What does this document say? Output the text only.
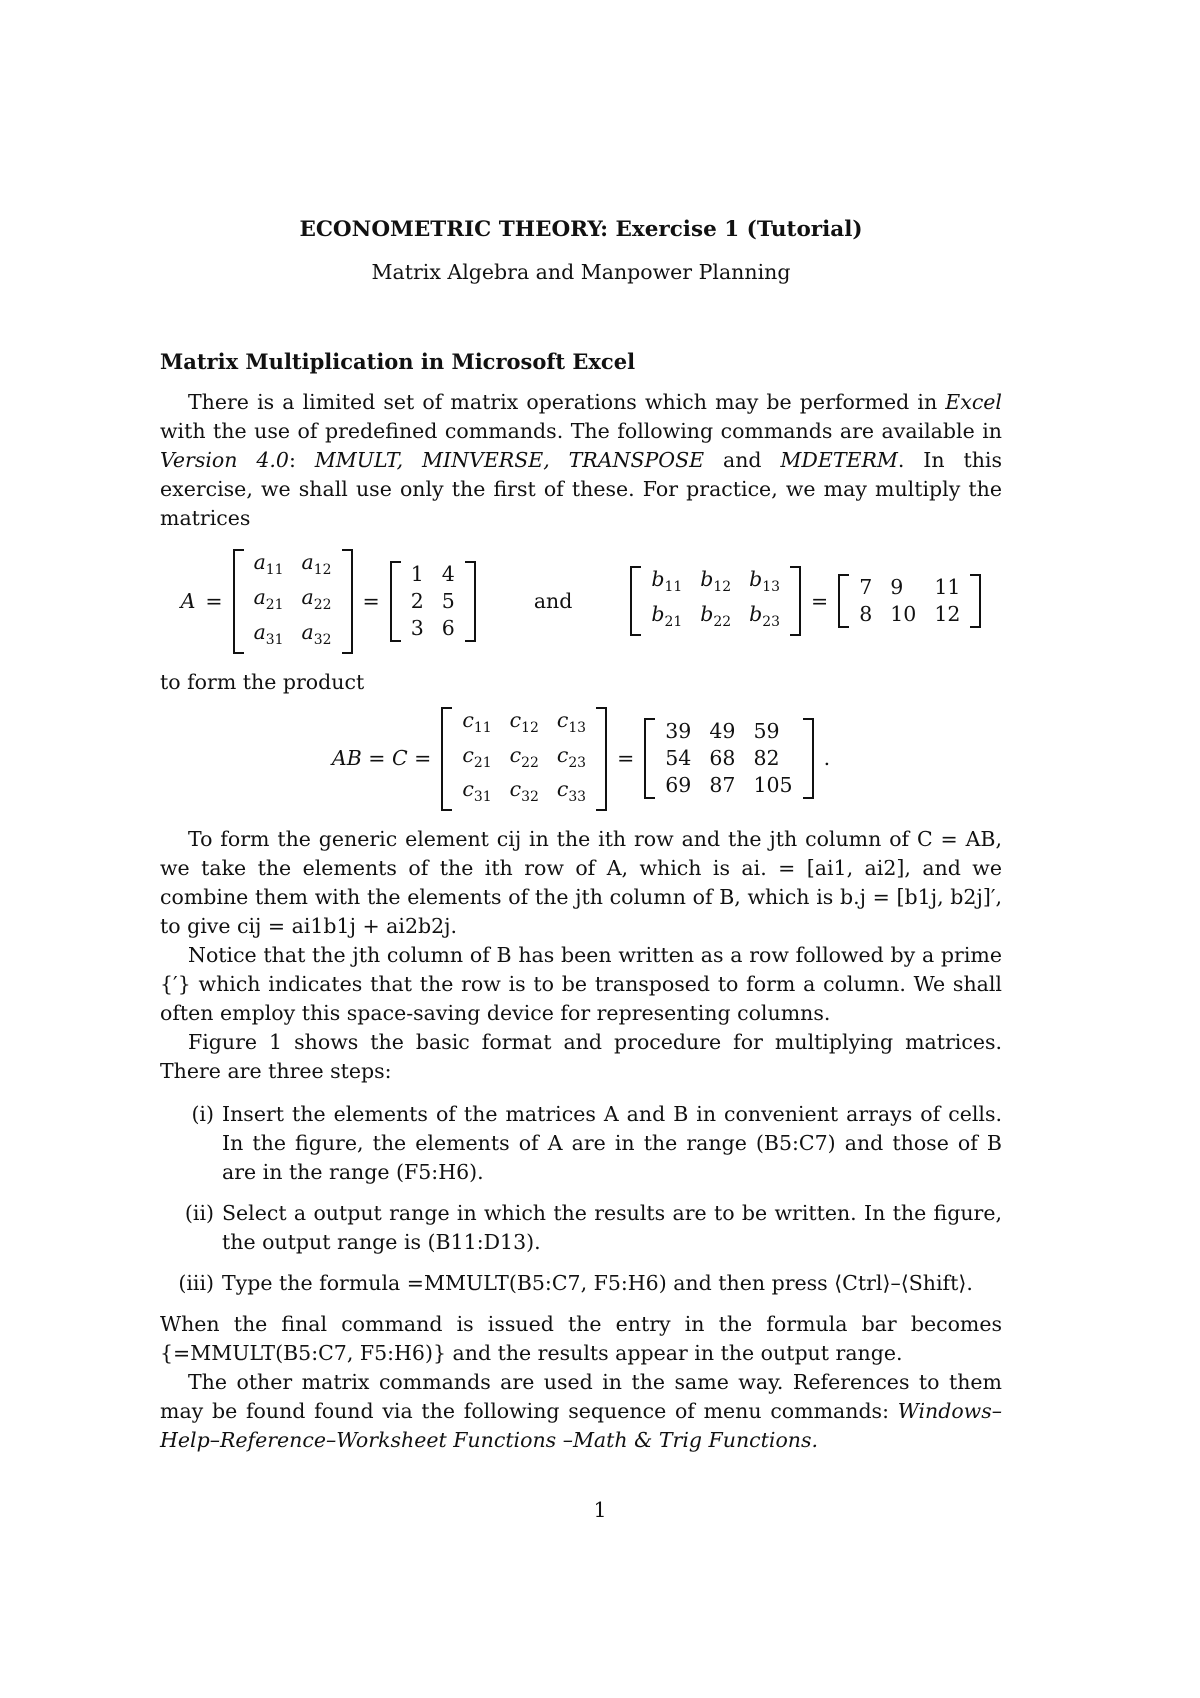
ECONOMETRIC THEORY: Exercise 1 (Tutorial)
Matrix Algebra and Manpower Planning
Matrix Multiplication in Microsoft Excel

There is a limited set of matrix operations which may be performed in Excel with the use of predefined commands. The following commands are available in Version 4.0: MMULT, MINVERSE, TRANSPOSE and MDETERM. In this exercise, we shall use only the first of these. For practice, we may multiply the matrices

A =
$a_{11}$	$a_{12}$
$a_{21}$	$a_{22}$
$a_{31}$	$a_{32}$
=
1	4
2	5
3	6
and
$b_{11}$	$b_{12}$	$b_{13}$
$b_{21}$	$b_{22}$	$b_{23}$
=
7	9	11
8	10	12

to form the product

AB = C =
$c_{11}$	$c_{12}$	$c_{13}$
$c_{21}$	$c_{22}$	$c_{23}$
$c_{31}$	$c_{32}$	$c_{33}$
=
39	49	59
54	68	82
69	87	105
.

To form the generic element cij in the ith row and the jth column of C = AB, we take the elements of the ith row of A, which is ai. = [ai1, ai2], and we combine them with the elements of the jth column of B, which is b.j = [b1j, b2j]′, to give cij = ai1b1j + ai2b2j.

Notice that the jth column of B has been written as a row followed by a prime {′} which indicates that the row is to be transposed to form a column. We shall often employ this space-saving device for representing columns.

Figure 1 shows the basic format and procedure for multiplying matrices. There are three steps:

(i) Insert the elements of the matrices A and B in convenient arrays of cells. In the figure, the elements of A are in the range (B5:C7) and those of B are in the range (F5:H6).
(ii) Select a output range in which the results are to be written. In the figure, the output range is (B11:D13).
(iii) Type the formula =MMULT(B5:C7, F5:H6) and then press ⟨Ctrl⟩–⟨Shift⟩.

When the final command is issued the entry in the formula bar becomes {=MMULT(B5:C7, F5:H6)} and the results appear in the output range.

The other matrix commands are used in the same way. References to them may be found found via the following sequence of menu commands: Windows–Help–Reference–Worksheet Functions –Math & Trig Functions.

1
